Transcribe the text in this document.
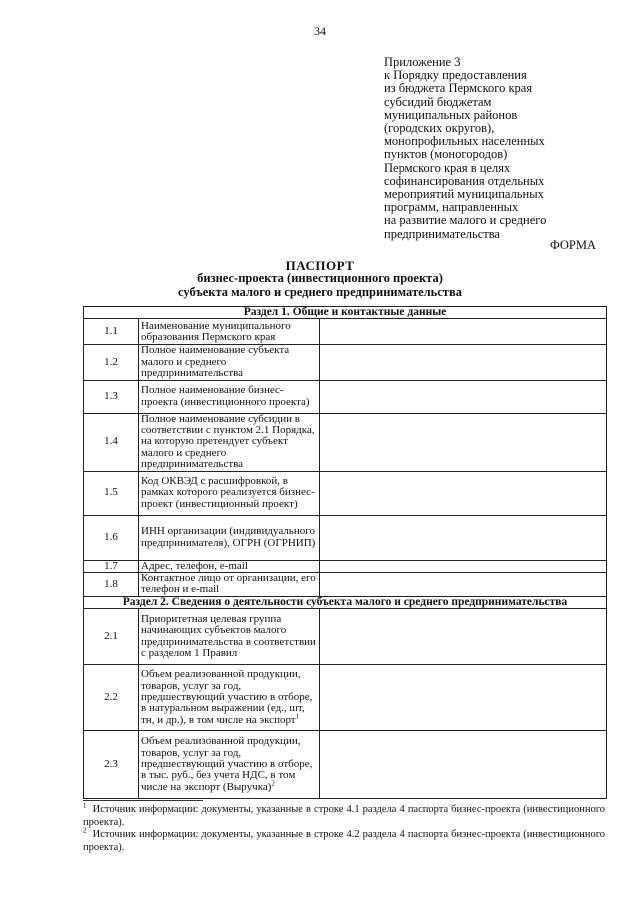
34
Приложение 3
к Порядку предоставления
из бюджета Пермского края
субсидий бюджетам
муниципальных районов
(городских округов),
монопрофильных населенных
пунктов (моногородов)
Пермского края в целях
софинансирования отдельных
мероприятий муниципальных
программ, направленных
на развитие малого и среднего
предпринимательства
ФОРМА
ПАСПОРТ
бизнес-проекта (инвестиционного проекта)
субъекта малого и среднего предпринимательства
Раздел 1. Общие и контактные данные		
1.1	Наименование муниципального образования Пермского края	
1.2	Полное наименование субъекта малого и среднего предпринимательства	
1.3	Полное наименование бизнес-проекта (инвестиционного проекта)	
1.4	Полное наименование субсидии в соответствии с пунктом 2.1 Порядка, на которую претендует субъект малого и среднего предпринимательства	
1.5	Код ОКВЭД с расшифровкой, в рамках которого реализуется бизнес-проект (инвестиционный проект)	
1.6	ИНН организации (индивидуального предпринимателя), ОГРН (ОГРНИП)	
1.7	Адрес, телефон, e-mail	
1.8	Контактное лицо от организации, его телефон и e-mail	
Раздел 2. Сведения о деятельности субъекта малого и среднего предпринимательства		
2.1	Приоритетная целевая группа начинающих субъектов малого предпринимательства в соответствии с разделом 1 Правил	
2.2	Объем реализованной продукции, товаров, услуг за год, предшествующий участию в отборе, в натуральном выражении (ед., шт, тн, и др.), в том числе на экспорт$^1$	
2.3	Объем реализованной продукции, товаров, услуг за год, предшествующий участию в отборе, в тыс. руб., без учета НДС, в том числе на экспорт (Выручка)$^2$	
$^1$ Источник информации: документы, указанные в строке 4.1 раздела 4 паспорта бизнес-проекта (инвестиционного проекта).
$^2$ Источник информации: документы, указанные в строке 4.2 раздела 4 паспорта бизнес-проекта (инвестиционного проекта).
